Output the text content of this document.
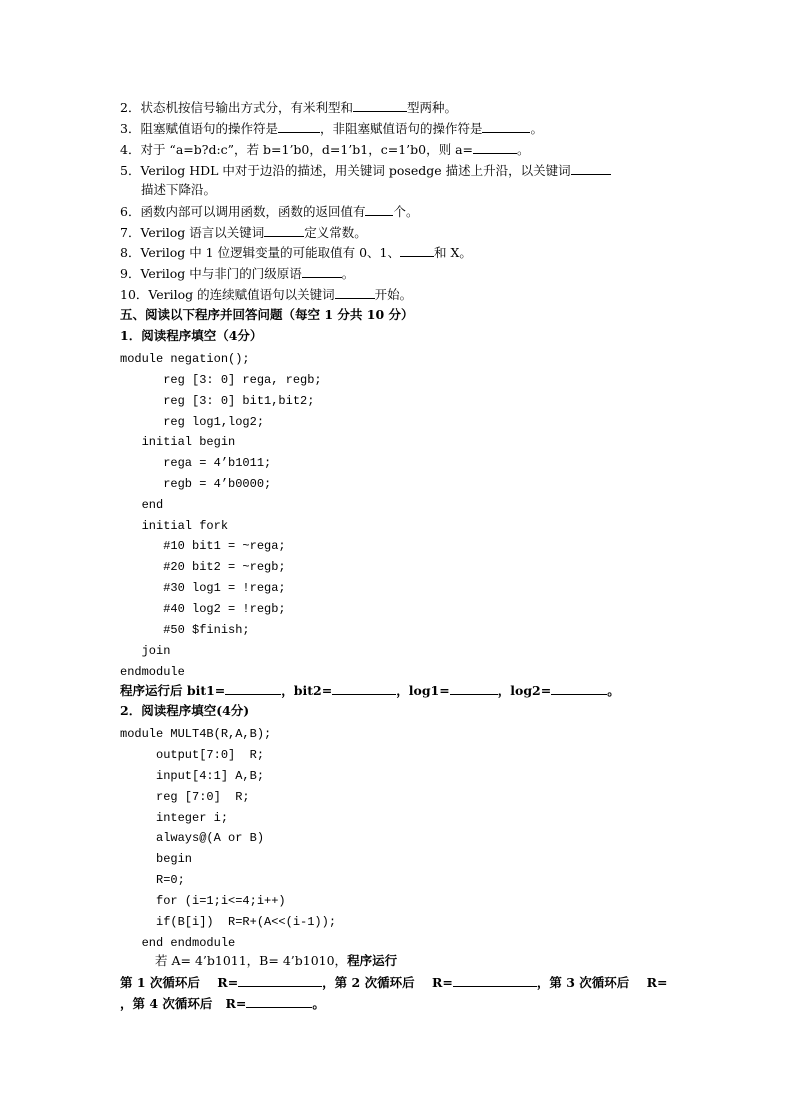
2．状态机按信号输出方式分，有米利型和	型两种。
3．阻塞赋值语句的操作符是	，非阻塞赋值语句的操作符是	。
4．对于 “a=b?d:c”，若 b=1’b0，d=1’b1，c=1’b0，则 a=	。
5．Verilog HDL 中对于边沿的描述，用关键词 posedge 描述上升沿，以关键词
描述下降沿。
6．函数内部可以调用函数，函数的返回值有 个。
7．Verilog 语言以关键词	定义常数。
8．Verilog 中 1 位逻辑变量的可能取值有 0、1、	和 X。
9．Verilog 中与非门的门级原语	。
10．Verilog 的连续赋值语句以关键词	开始。
五、阅读以下程序并回答问题（每空 1 分共 10 分）
1．阅读程序填空（4分）
module negation();
reg [3: 0] rega, regb;
reg [3: 0] bit1,bit2;
reg log1,log2;
initial begin
rega = 4’b1011;
regb = 4’b0000;
end
initial fork
#10 bit1 = ~rega;
#20 bit2 = ~regb;
#30 log1 = !rega;
#40 log2 = !regb;
#50 $finish;
join
endmodule
程序运行后 bit1=	，bit2=	，log1=	，log2=	。
2．阅读程序填空(4分)
module MULT4B(R,A,B);
output[7:0]  R;
input[4:1] A,B;
reg [7:0]  R;
integer i;
always@(A or B)
begin
R=0;
for (i=1;i<=4;i++)
if(B[i])  R=R+(A<<(i-1));
end endmodule
若 A= 4’b1011，B= 4’b1010，程序运行
第 1 次循环后    R=	，第 2 次循环后    R=	，第 3 次循环后    R=
，第 4 次循环后   R=	。
